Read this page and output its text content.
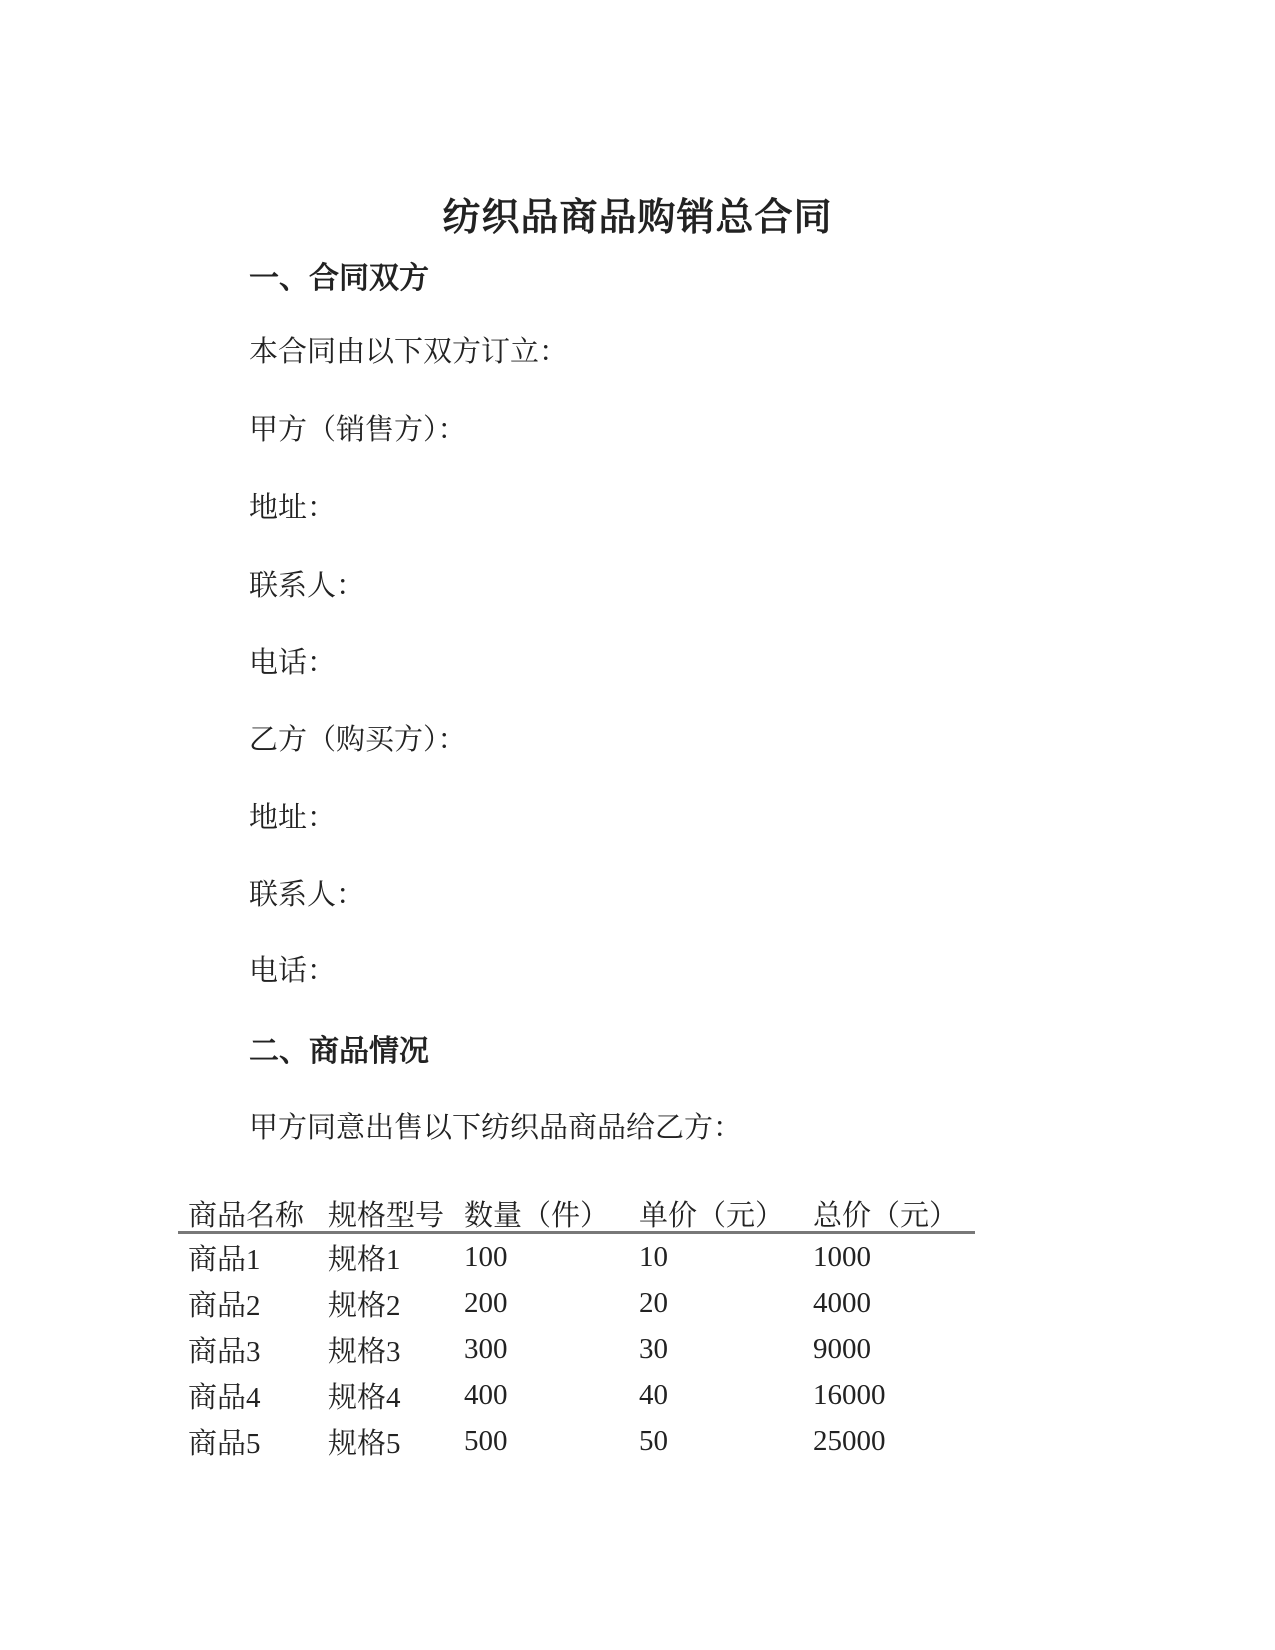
纺织品商品购销总合同
一、合同双方
本合同由以下双方订立：
甲方（销售方）：
地址：
联系人：
电话：
乙方（购买方）：
地址：
联系人：
电话：
二、商品情况
甲方同意出售以下纺织品商品给乙方：
商品名称 规格型号 数量（件）	单价（元） 总价（元）
商品1	规格1	100	10	1000
商品2	规格2	200	20	4000
商品3	规格3	300	30	9000
商品4	规格4	400	40	16000
商品5	规格5	500	50	25000
